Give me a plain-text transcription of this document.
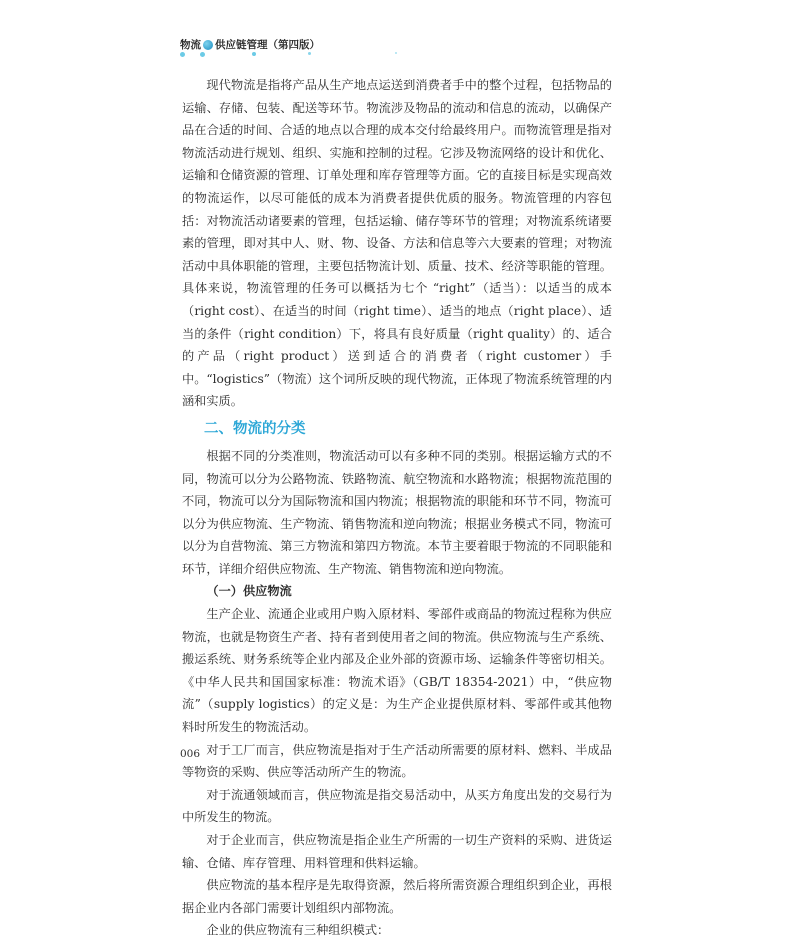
物流 供应链管理（第四版）

现代物流是指将产品从生产地点运送到消费者手中的整个过程，包括物品的运输、存储、包装、配送等环节。物流涉及物品的流动和信息的流动，以确保产品在合适的时间、合适的地点以合理的成本交付给最终用户。而物流管理是指对物流活动进行规划、组织、实施和控制的过程。它涉及物流网络的设计和优化、运输和仓储资源的管理、订单处理和库存管理等方面。它的直接目标是实现高效的物流运作，以尽可能低的成本为消费者提供优质的服务。物流管理的内容包括：对物流活动诸要素的管理，包括运输、储存等环节的管理；对物流系统诸要素的管理，即对其中人、财、物、设备、方法和信息等六大要素的管理；对物流活动中具体职能的管理，主要包括物流计划、质量、技术、经济等职能的管理。具体来说，物流管理的任务可以概括为七个 “right”（适当）：以适当的成本（right cost）、在适当的时间（right time）、适当的地点（right place）、适当的条件（right condition）下，将具有良好质量（right quality）的、适合的产品（right product）送到适合的消费者（right customer）手中。“logistics”（物流）这个词所反映的现代物流，正体现了物流系统管理的内涵和实质。

二、物流的分类

根据不同的分类准则，物流活动可以有多种不同的类别。根据运输方式的不同，物流可以分为公路物流、铁路物流、航空物流和水路物流；根据物流范围的不同，物流可以分为国际物流和国内物流；根据物流的职能和环节不同，物流可以分为供应物流、生产物流、销售物流和逆向物流；根据业务模式不同，物流可以分为自营物流、第三方物流和第四方物流。本节主要着眼于物流的不同职能和环节，详细介绍供应物流、生产物流、销售物流和逆向物流。

（一）供应物流

生产企业、流通企业或用户购入原材料、零部件或商品的物流过程称为供应物流，也就是物资生产者、持有者到使用者之间的物流。供应物流与生产系统、搬运系统、财务系统等企业内部及企业外部的资源市场、运输条件等密切相关。《中华人民共和国国家标准：物流术语》（GB/T 18354-2021）中，“供应物流”（supply logistics）的定义是：为生产企业提供原材料、零部件或其他物料时所发生的物流活动。

对于工厂而言，供应物流是指对于生产活动所需要的原材料、燃料、半成品等物资的采购、供应等活动所产生的物流。

对于流通领域而言，供应物流是指交易活动中，从买方角度出发的交易行为中所发生的物流。

对于企业而言，供应物流是指企业生产所需的一切生产资料的采购、进货运输、仓储、库存管理、用料管理和供料运输。

供应物流的基本程序是先取得资源，然后将所需资源合理组织到企业，再根据企业内各部门需要计划组织内部物流。

企业的供应物流有三种组织模式：

006
